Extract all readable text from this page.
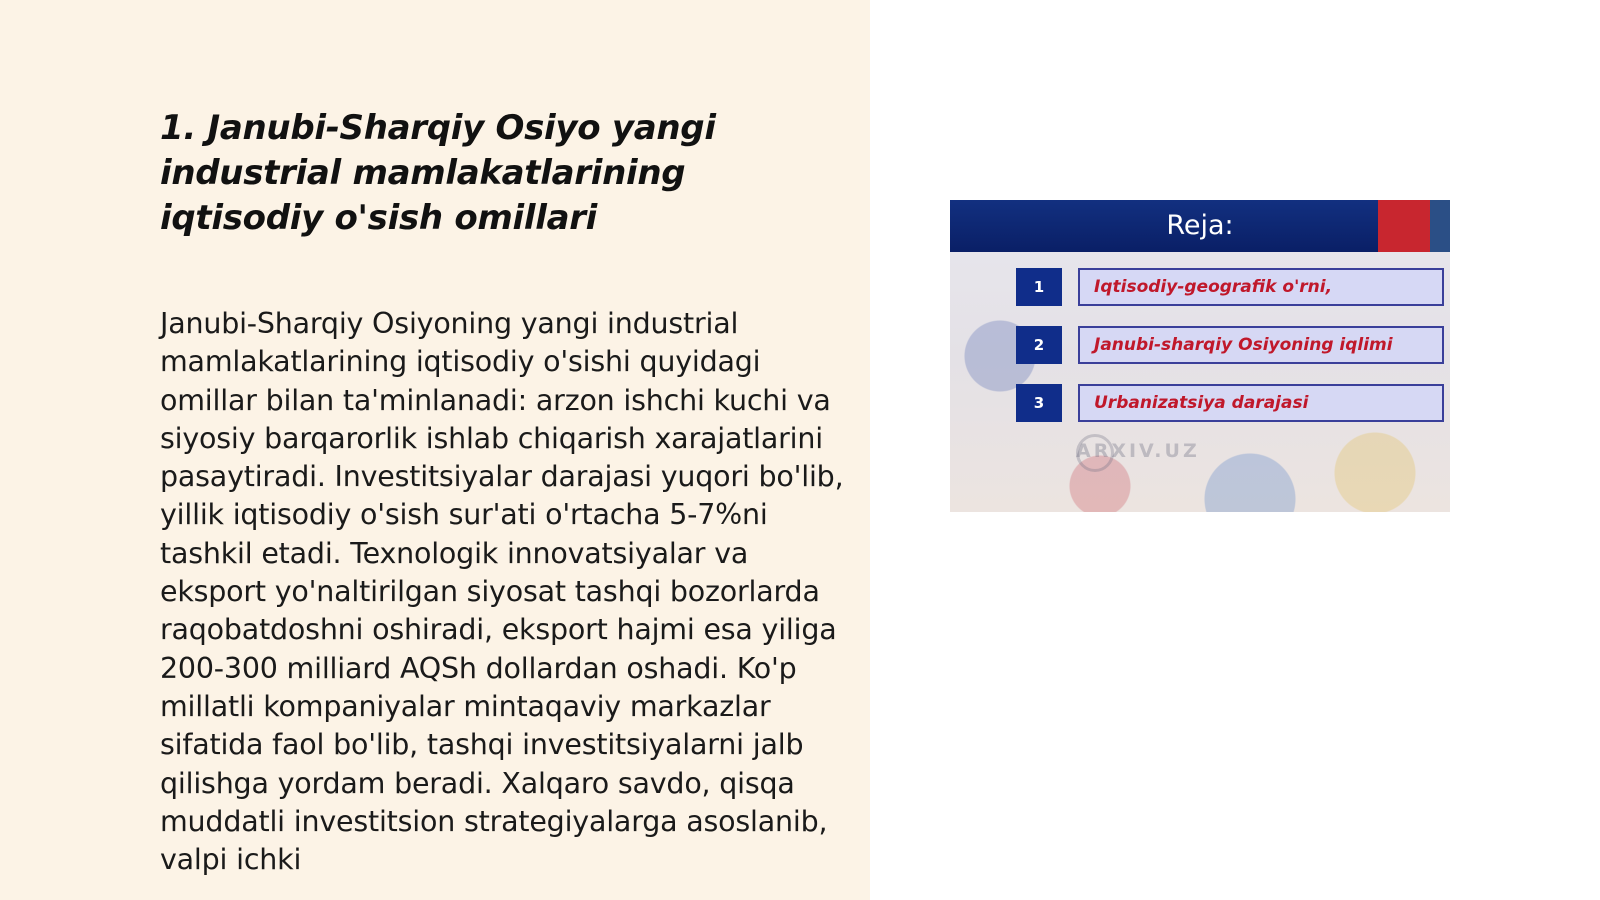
1. Janubi-Sharqiy Osiyo yangi industrial mamlakatlarining iqtisodiy o'sish omillari

Janubi-Sharqiy Osiyoning yangi industrial mamlakatlarining iqtisodiy o'sishi quyidagi omillar bilan ta'minlanadi: arzon ishchi kuchi va siyosiy barqarorlik ishlab chiqarish xarajatlarini pasaytiradi. Investitsiyalar darajasi yuqori bo'lib, yillik iqtisodiy o'sish sur'ati o'rtacha 5-7%ni tashkil etadi. Texnologik innovatsiyalar va eksport yo'naltirilgan siyosat tashqi bozorlarda raqobatdoshni oshiradi, eksport hajmi esa yiliga 200-300 milliard AQSh dollardan oshadi. Ko'p millatli kompaniyalar mintaqaviy markazlar sifatida faol bo'lib, tashqi investitsiyalarni jalb qilishga yordam beradi. Xalqaro savdo, qisqa muddatli investitsion strategiyalarga asoslanib, valpi ichki

Reja:
1	Iqtisodiy-geografik o'rni,
2	Janubi-sharqiy Osiyoning iqlimi
3	Urbanizatsiya darajasi
ARXIV.UZ
